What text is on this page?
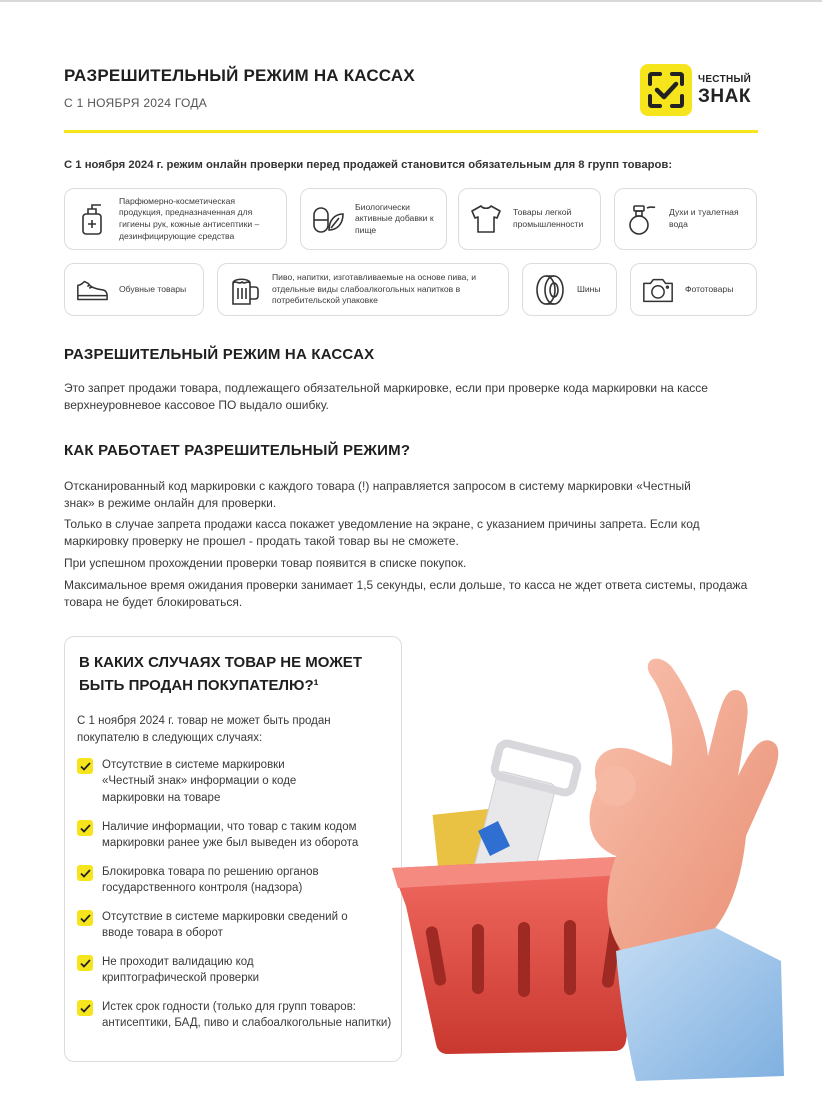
РАЗРЕШИТЕЛЬНЫЙ РЕЖИМ НА КАССАХ
С 1 НОЯБРЯ 2024 ГОДА
ЧЕСТНЫЙ
ЗНАК
С 1 ноября 2024 г. режим онлайн проверки перед продажей становится обязательным для 8 групп товаров:
Парфюмерно-косметическая продукция, предназначенная для гигиены рук, кожные антисептики – дезинфицирующие средства
Биологически активные добавки к пище
Товары легкой промышленности
Духи и туалетная вода
Обувные товары
Пиво, напитки, изготавливаемые на основе пива, и отдельные виды слабоалкогольных напитков в потребительской упаковке
Шины	Фототовары
РАЗРЕШИТЕЛЬНЫЙ РЕЖИМ НА КАССАХ
Это запрет продажи товара, подлежащего обязательной маркировке, если при проверке кода маркировки на кассе верхнеуровневое кассовое ПО выдало ошибку.
КАК РАБОТАЕТ РАЗРЕШИТЕЛЬНЫЙ РЕЖИМ?
Отсканированный код маркировки с каждого товара (!) направляется запросом в систему маркировки «Честный знак» в режиме онлайн для проверки.
Только в случае запрета продажи касса покажет уведомление на экране, с указанием причины запрета. Если код маркировку проверку не прошел - продать такой товар вы не сможете.
При успешном прохождении проверки товар появится в списке покупок.
Максимальное время ожидания проверки занимает 1,5 секунды, если дольше, то касса не ждет ответа системы, продажа товара не будет блокироваться.
В КАКИХ СЛУЧАЯХ ТОВАР НЕ МОЖЕТ БЫТЬ ПРОДАН ПОКУПАТЕЛЮ?¹
С 1 ноября 2024 г. товар не может быть продан покупателю в следующих случаях:
Отсутствие в системе маркировки «Честный знак» информации о коде маркировки на товаре
Наличие информации, что товар с таким кодом маркировки ранее уже был выведен из оборота
Блокировка товара по решению органов государственного контроля (надзора)
Отсутствие в системе маркировки сведений о вводе товара в оборот
Не проходит валидацию код криптографической проверки
Истек срок годности (только для групп товаров: антисептики, БАД, пиво и слабоалкогольные напитки)
